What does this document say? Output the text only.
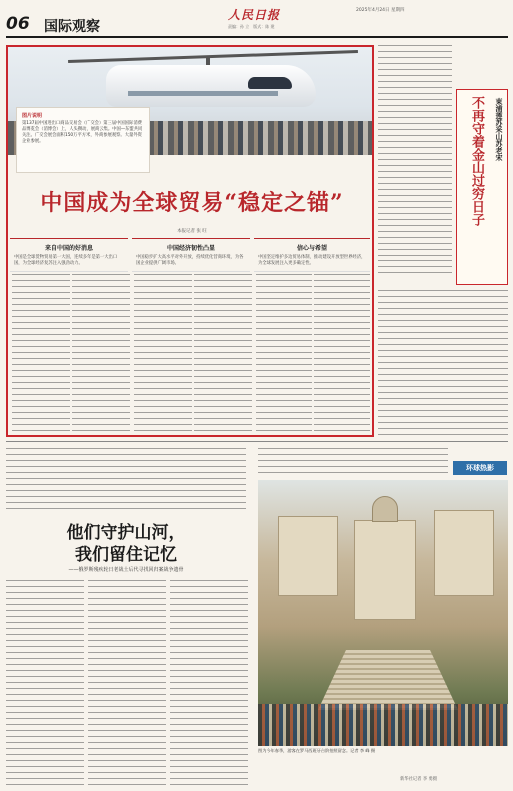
06 国际观察
人民日报	2025年4月24日 星期四
责编：孙 立　版式：陈 建
图片说明
第137届中国进出口商品交易会（广交会）第三届中国国际消费品博览会（消博会）上，人头攒动，展商云集。中国—东盟共同关注。广交会展会面积150万平方米，外商参展观察。大量外资企业参展。
中国成为全球贸易“稳定之锚”
本报记者 张 旺
来自中国的好消息
中国是全球货物贸易第一大国，连续多年是第一大出口国，为全球经济复苏注入强劲动力。
中国经济韧性凸显
中国稳步扩大高水平对外开放，持续优化营商环境，为各国企业提供广阔市场。
信心与希望
中国坚定维护多边贸易体制，推动建设开放型世界经济，为全球发展注入更多确定性。
不再守着金山过穷日子	束浦莲苏采山苏老宋
他们守护山河，
我们留住记忆
——俄罗斯残疾轮日老战士后代寻找回归案战争遗骨
环球热影
图为今年春季，游客在罗马西班牙台阶拍照留念。记者 李 峰 摄
新华社记者 李 勇摄
